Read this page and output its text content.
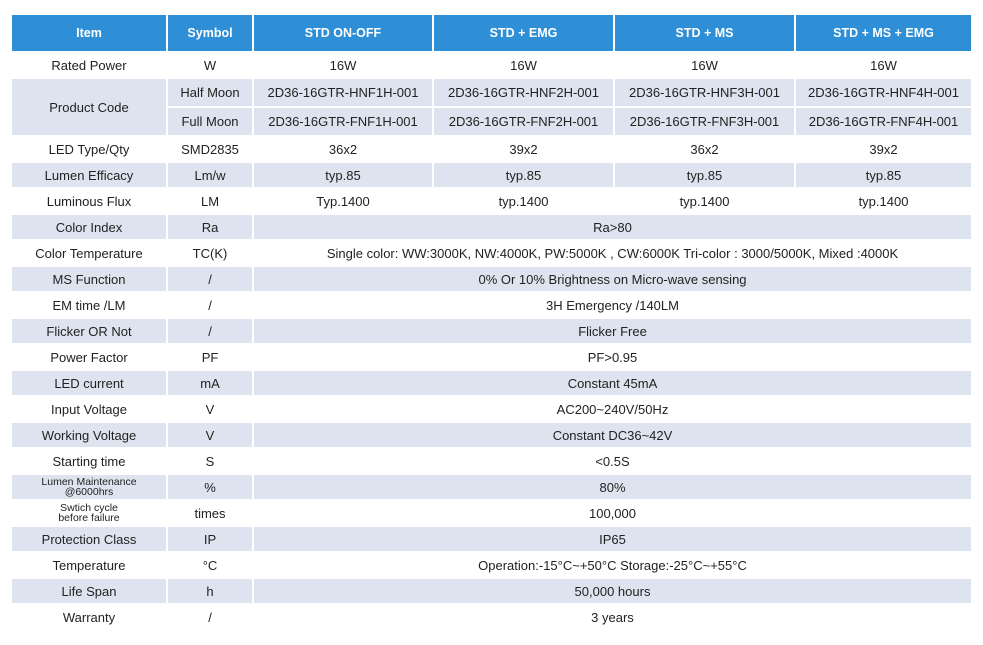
Item	Symbol	STD ON-OFF	STD + EMG	STD + MS	STD + MS + EMG
Rated Power	W	16W	16W	16W	16W
Product Code	Half Moon	2D36-16GTR-HNF1H-001	2D36-16GTR-HNF2H-001	2D36-16GTR-HNF3H-001	2D36-16GTR-HNF4H-001
	Full Moon	2D36-16GTR-FNF1H-001	2D36-16GTR-FNF2H-001	2D36-16GTR-FNF3H-001	2D36-16GTR-FNF4H-001
LED Type/Qty	SMD2835	36x2	39x2	36x2	39x2
Lumen Efficacy	Lm/w	typ.85	typ.85	typ.85	typ.85
Luminous Flux	LM	Typ.1400	typ.1400	typ.1400	typ.1400
Color Index	Ra	Ra>80			
Color Temperature	TC(K)	Single color: WW:3000K, NW:4000K, PW:5000K , CW:6000K Tri-color : 3000/5000K, Mixed :4000K			
MS Function	/	0% Or 10% Brightness on Micro-wave sensing			
EM time /LM	/	3H Emergency /140LM			
Flicker OR Not	/	Flicker Free			
Power Factor	PF	PF>0.95			
LED current	mA	Constant 45mA			
Input Voltage	V	AC200~240V/50Hz			
Working Voltage	V	Constant DC36~42V			
Starting time	S	<0.5S			
Lumen Maintenance
@6000hrs	%	80%			
Swtich cycle
before failure	times	100,000			
Protection Class	IP	IP65			
Temperature	°C	Operation:-15°C~+50°C Storage:-25°C~+55°C			
Life Span	h	50,000 hours			
Warranty	/	3 years			
